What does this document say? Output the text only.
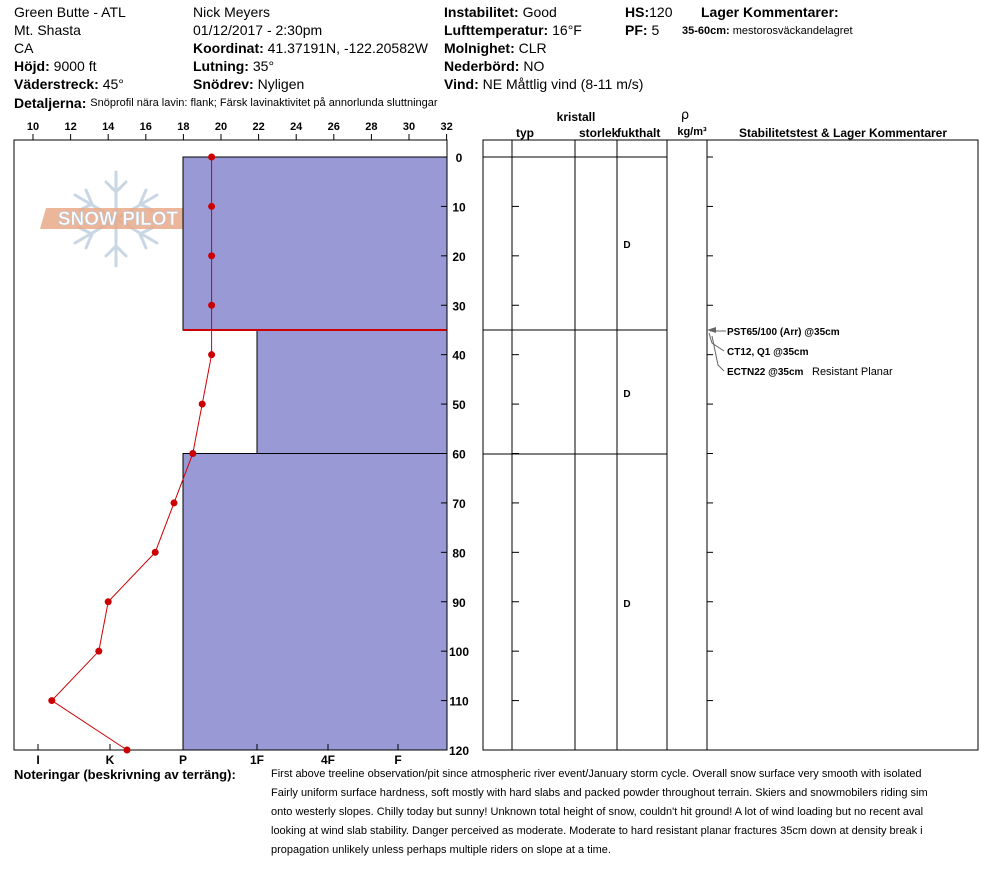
Green Butte - ATL
Mt. Shasta
CA
Höjd: 9000 ft
Väderstreck: 45°
Detaljerna: Snöprofil nära lavin: flank; Färsk lavinaktivitet på annorlunda sluttningar
Nick Meyers
01/12/2017 - 2:30pm
Koordinat: 41.37191N, -122.20582W
Lutning: 35°
Snödrev: Nyligen
Instabilitet: Good
Lufttemperatur: 16°F
Molnighet: CLR
Nederbörd: NO
Vind: NE Måttlig vind (8-11 m/s)
HS:120
PF: 5
Lager Kommentarer:
35-60cm: mestorosväckandelagret
SNOW PILOT
10 12 14 16 18 20 22 24 26 28 30 32
0
10
20
30
40
50
60
70
80
90
100
110
120
I	K	P	1F	4F	F
kristall
typ	storlek
fukthalt
ρ
kg/m³	Stabilitetstest & Lager Kommentarer
D
D
D
PST65/100 (Arr) @35cm
CT12, Q1 @35cm
ECTN22 @35cm Resistant Planar
Noteringar (beskrivning av terräng):	First above treeline observation/pit since atmospheric river event/January storm cycle. Overall snow surface very smooth with isolated
Fairly uniform surface hardness, soft mostly with hard slabs and packed powder throughout terrain. Skiers and snowmobilers riding sim
onto westerly slopes. Chilly today but sunny! Unknown total height of snow, couldn't hit ground! A lot of wind loading but no recent aval
looking at wind slab stability. Danger perceived as moderate. Moderate to hard resistant planar fractures 35cm down at density break i
propagation unlikely unless perhaps multiple riders on slope at a time.
